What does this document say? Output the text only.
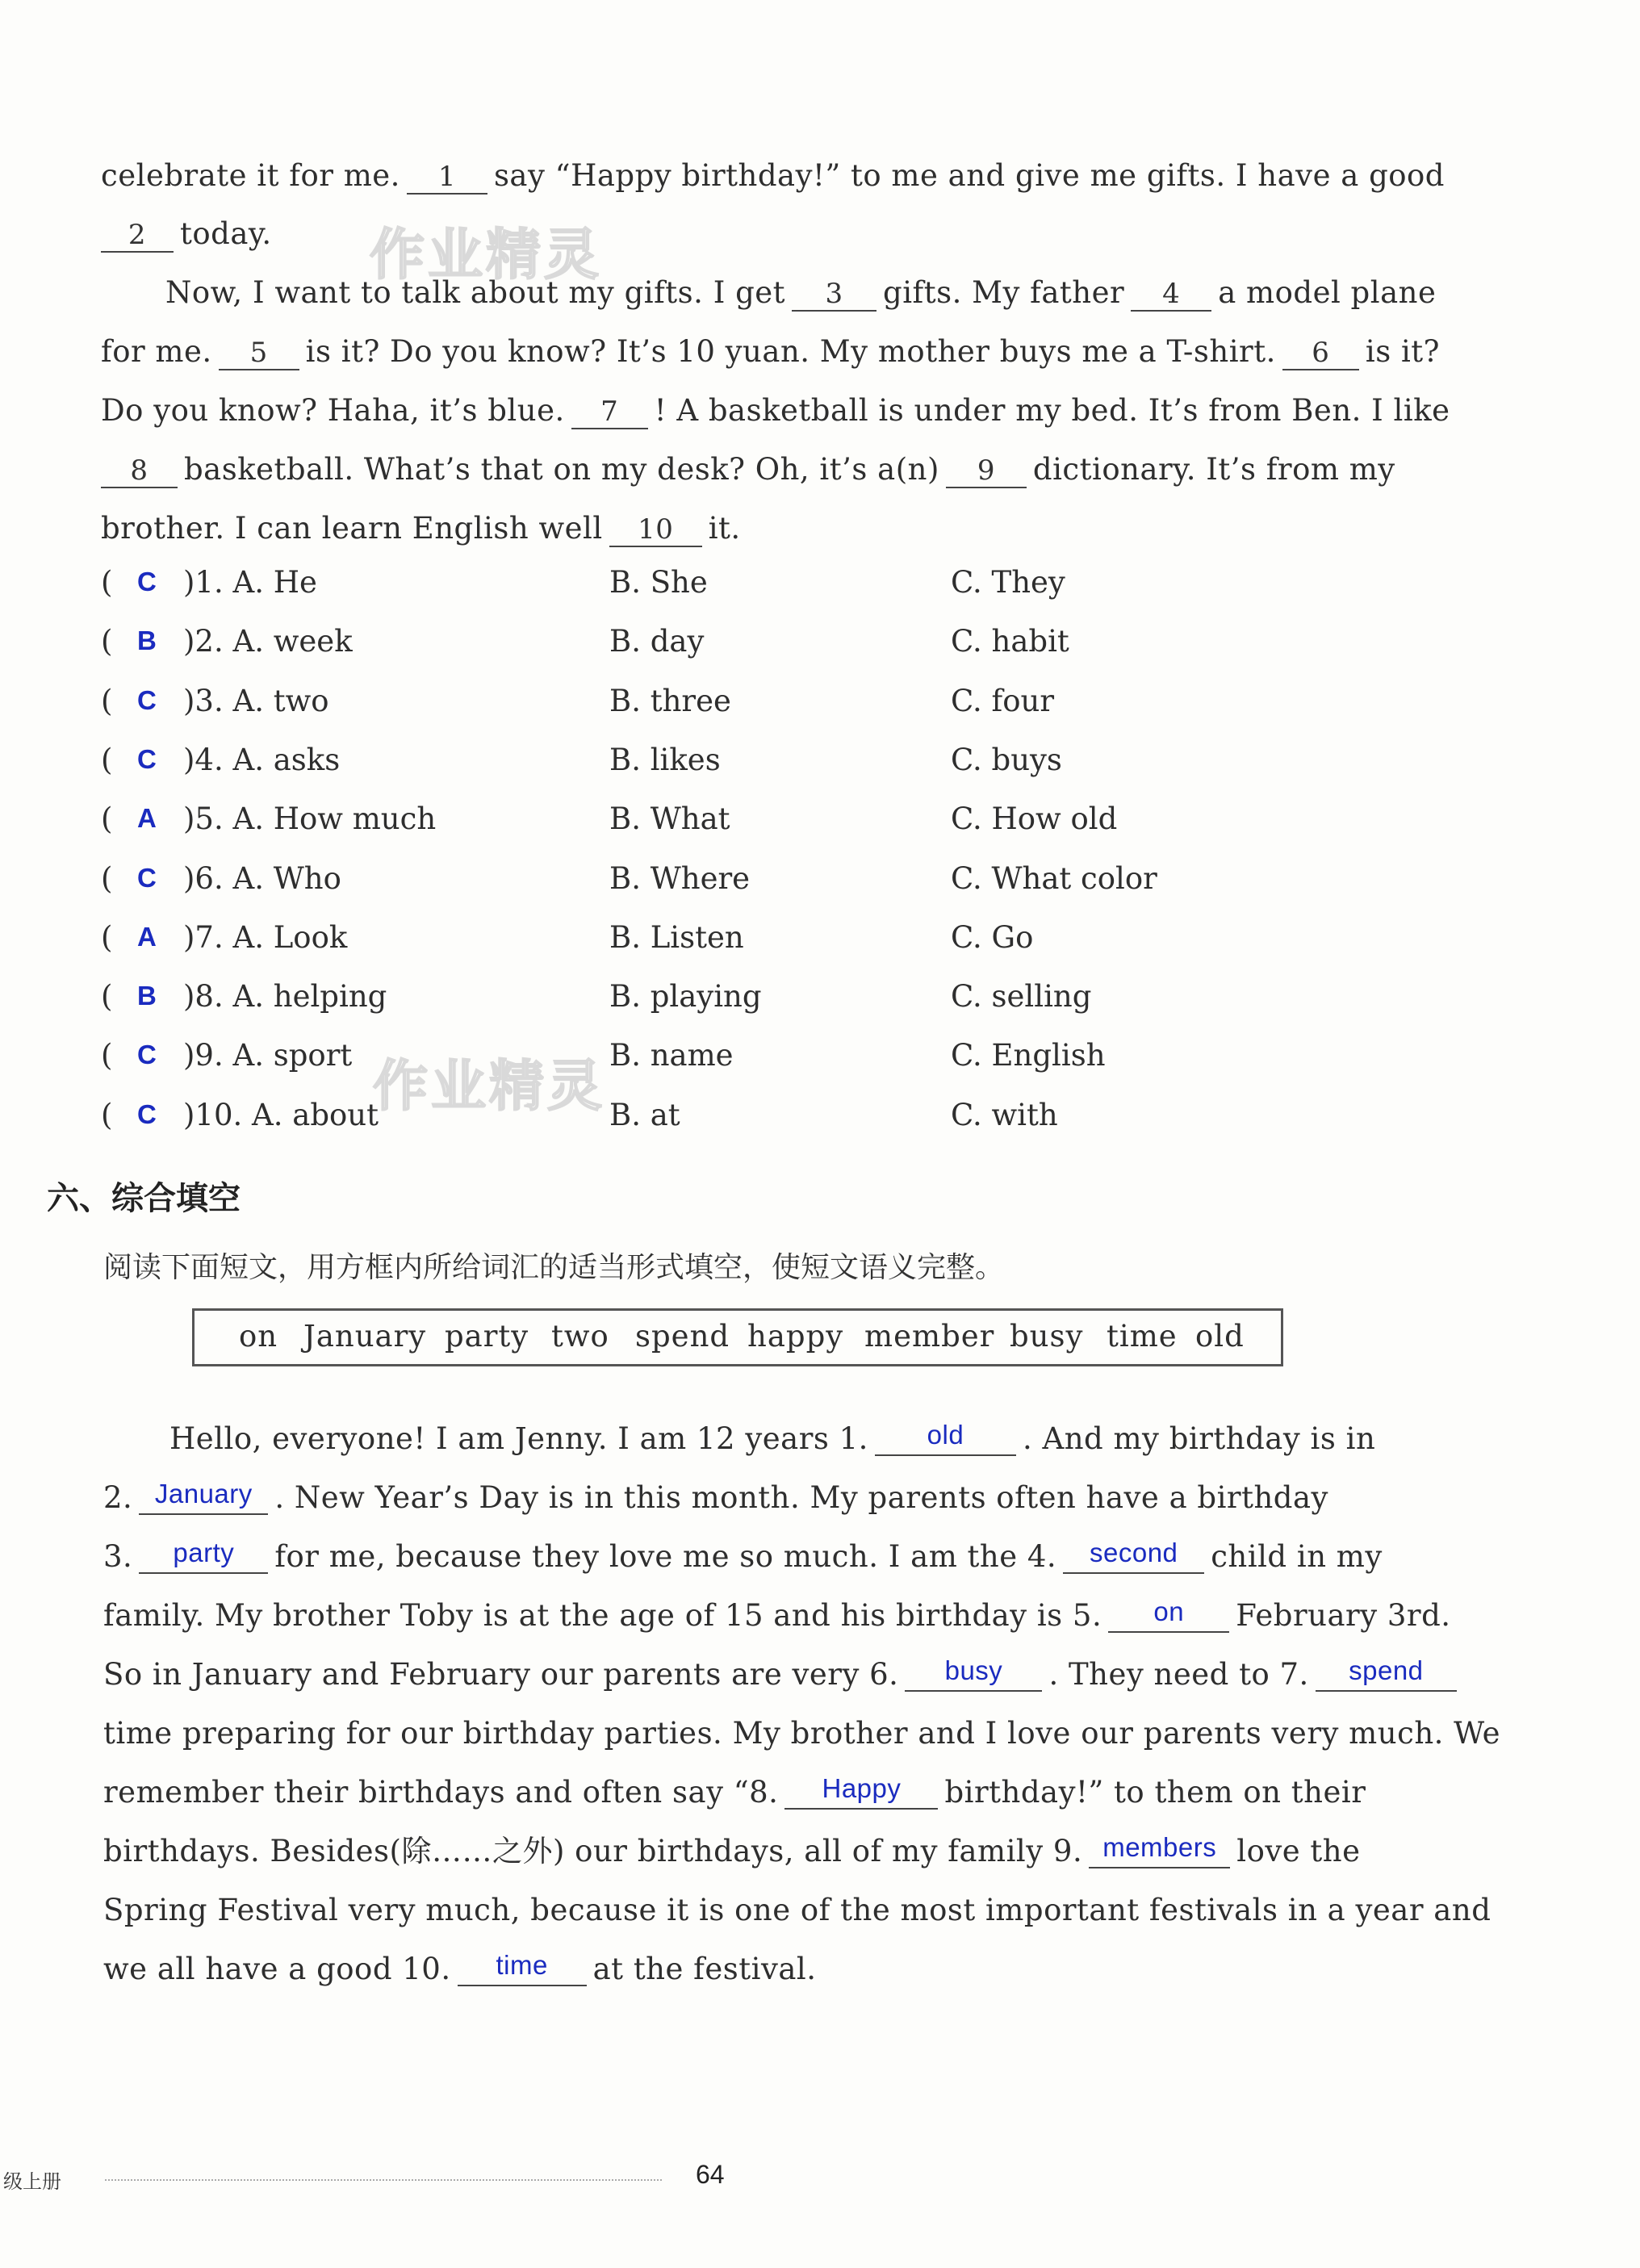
作业精灵
作业精灵
celebrate it for me. 1 say “Happy birthday!” to me and give me gifts. I have a good
2 today.
Now, I want to talk about my gifts. I get 3 gifts. My father 4 a model plane
for me. 5 is it? Do you know? It’s 10 yuan. My mother buys me a T-shirt. 6 is it?
Do you know? Haha, it’s blue. 7 ! A basketball is under my bed. It’s from Ben. I like
8 basketball. What’s that on my desk? Oh, it’s a(n) 9 dictionary. It’s from my
brother. I can learn English well 10 it.
( C )1. A. He	B. She	C. They
( B )2. A. week	B. day	C. habit
( C )3. A. two	B. three	C. four
( C )4. A. asks	B. likes	C. buys
( A )5. A. How much	B. What	C. How old
( C )6. A. Who	B. Where	C. What color
( A )7. A. Look	B. Listen	C. Go
( B )8. A. helping	B. playing	C. selling
( C )9. A. sport	B. name	C. English
( C )10. A. about	B. at	C. with
六、综合填空
阅读下面短文，用方框内所给词汇的适当形式填空，使短文语义完整。
on January party two spend happy member busy time old
Hello, everyone! I am Jenny. I am 12 years 1. old . And my birthday is in
2. January . New Year’s Day is in this month. My parents often have a birthday
3. party for me, because they love me so much. I am the 4. second child in my
family. My brother Toby is at the age of 15 and his birthday is 5. on February 3rd.
So in January and February our parents are very 6. busy . They need to 7. spend
time preparing for our birthday parties. My brother and I love our parents very much. We
remember their birthdays and often say “8. Happy birthday!” to them on their
birthdays. Besides(除……之外) our birthdays, all of my family 9. members love the
Spring Festival very much, because it is one of the most important festivals in a year and
we all have a good 10. time at the festival.
级上册	64
